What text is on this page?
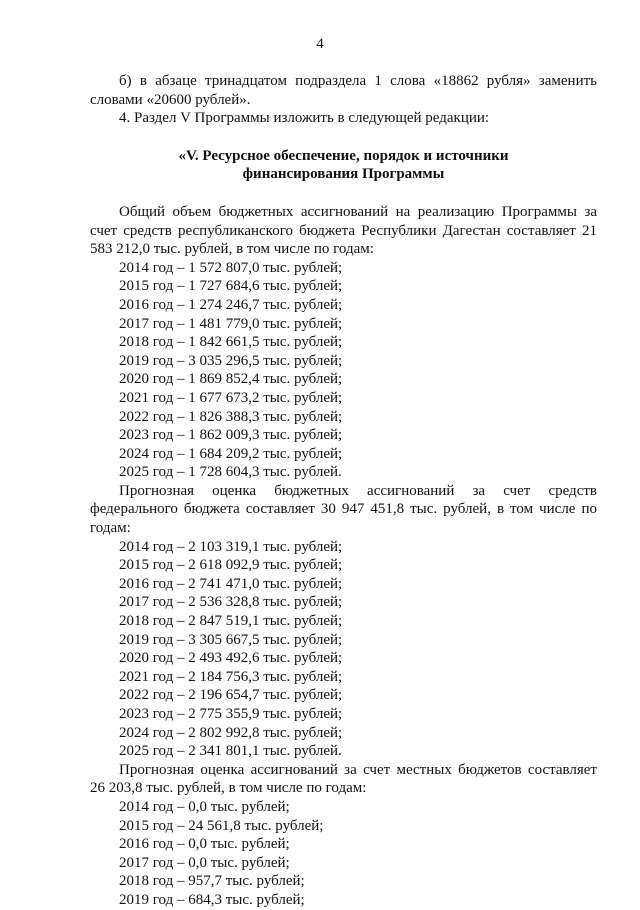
4

б) в абзаце тринадцатом подраздела 1 слова «18862 рубля» заменить словами «20600 рублей».

4. Раздел V Программы изложить в следующей редакции:

«V. Ресурсное обеспечение, порядок и источники
финансирования Программы

Общий объем бюджетных ассигнований на реализацию Программы за счет средств республиканского бюджета Республики Дагестан составляет 21 583 212,0 тыс. рублей, в том числе по годам:

2014 год – 1 572 807,0 тыс. рублей;
2015 год – 1 727 684,6 тыс. рублей;
2016 год – 1 274 246,7 тыс. рублей;
2017 год – 1 481 779,0 тыс. рублей;
2018 год – 1 842 661,5 тыс. рублей;
2019 год – 3 035 296,5 тыс. рублей;
2020 год – 1 869 852,4 тыс. рублей;
2021 год – 1 677 673,2 тыс. рублей;
2022 год – 1 826 388,3 тыс. рублей;
2023 год – 1 862 009,3 тыс. рублей;
2024 год – 1 684 209,2 тыс. рублей;
2025 год – 1 728 604,3 тыс. рублей.

Прогнозная оценка бюджетных ассигнований за счет средств федерального бюджета составляет 30 947 451,8 тыс. рублей, в том числе по годам:

2014 год – 2 103 319,1 тыс. рублей;
2015 год – 2 618 092,9 тыс. рублей;
2016 год – 2 741 471,0 тыс. рублей;
2017 год – 2 536 328,8 тыс. рублей;
2018 год – 2 847 519,1 тыс. рублей;
2019 год – 3 305 667,5 тыс. рублей;
2020 год – 2 493 492,6 тыс. рублей;
2021 год – 2 184 756,3 тыс. рублей;
2022 год – 2 196 654,7 тыс. рублей;
2023 год – 2 775 355,9 тыс. рублей;
2024 год – 2 802 992,8 тыс. рублей;
2025 год – 2 341 801,1 тыс. рублей.

Прогнозная оценка ассигнований за счет местных бюджетов составляет 26 203,8 тыс. рублей, в том числе по годам:

2014 год – 0,0 тыс. рублей;
2015 год – 24 561,8 тыс. рублей;
2016 год – 0,0 тыс. рублей;
2017 год – 0,0 тыс. рублей;
2018 год – 957,7 тыс. рублей;
2019 год – 684,3 тыс. рублей;
